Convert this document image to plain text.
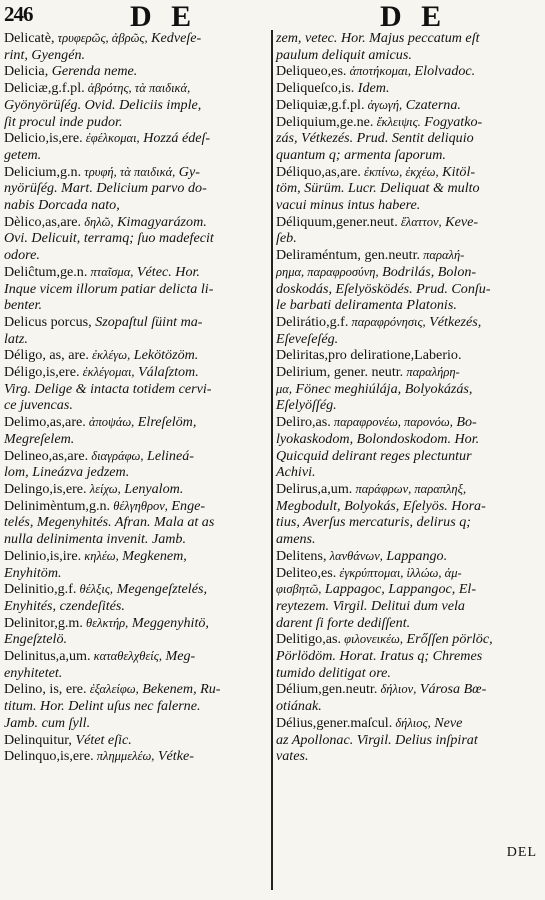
246	D E	D E

Delicatè, τρυφερῶς, ἀβρῶς, Kedveſe-

rint, Gyengén.

Delicia, Gerenda neme.

Deliciæ,g.f.pl. ἀβρότης, τὰ παιδικά,

Gyönyörüſég. Ovid. Deliciis imple,

ſit procul inde pudor.

Delicio,is,ere. ἐφέλκομαι, Hozzá édeſ-

getem.

Delicium,g.n. τρυφή, τὰ παιδικά, Gy-

nyörüſég. Mart. Delicium parvo do-

nabis Dorcada nato,

Dèlico,as,are. δηλῶ, Kimagyarázom.

Ovi. Delicuit, terramq; ſuo madefecit

odore.

Deliĉtum,ge.n. πταῖσμα, Vétec. Hor.

Inque vicem illorum patiar delicta li-

benter.

Delicus porcus, Szopaſtul ſüint ma-

latz.

Déligo, as, are. ἐκλέγω, Lekötözöm.

Déligo,is,ere. ἐκλέγομαι, Válaſztom.

Virg. Delige & intacta totidem cervi-

ce juvencas.

Delimo,as,are. ἀποψάω, Elreſelöm,

Megreſelem.

Delineo,as,are. διαγράφω, Lelineá-

lom, Lineázva jedzem.

Delingo,is,ere. λείχω, Lenyalom.

Delinimèntum,g.n. θέλγηθρον, Enge-

telés, Megenyhités. Afran. Mala at as

nulla delinimenta invenit. Jamb.

Delinio,is,ire. κηλέω, Megkenem,

Enyhitöm.

Delinitio,g.f. θέλξις, Megengeſztelés,

Enyhités, czendeſités.

Delinitor,g.m. θελκτήρ, Meggenyhitö,

Engeſztelö.

Delinitus,a,um. καταθελχθείς, Meg-

enyhitetet.

Delino, is, ere. ἐξαλείφω, Bekenem, Ru-

titum. Hor. Delint uſus nec falerne.

Jamb. cum ſyll.

Delinquitur, Vétet eſic.

Delinquo,is,ere. πλημμελέω, Vétke-

zem, vetec. Hor. Majus peccatum eſt

paulum deliquit amicus.

Deliqueo,es. ἀποτήκομαι, Elolvadoc.

Deliqueſco,is. Idem.

Deliquiæ,g.f.pl. ἀγωγή, Czaterna.

Deliquium,ge.ne. ἔκλειψις. Fogyatko-

zás, Vétkezés. Prud. Sentit deliquio

quantum q; armenta ſaporum.

Déliquo,as,are. ἐκπίνω, ἐκχέω, Kitöl-

töm, Sürüm. Lucr. Deliquat & multo

vacui minus intus habere.

Déliquum,gener.neut. ἔλαττον, Keve-

ſeb.

Deliraméntum, gen.neutr. παραλή-

ρημα, παραφροσύνη, Bodrilás, Bolon-

doskodás, Eſelyösködés. Prud. Conſu-

le barbati deliramenta Platonis.

Delirátio,g.f. παραφρόνησις, Vétkezés,

Eſeveſeſég.

Deliritas,pro deliratione,Laberio.

Delirium, gener. neutr. παραλήρη-

μα, Fönec meghiúlája, Bolyokázás,

Eſelyöſſég.

Deliro,as. παραφρονέω, παρονόω, Bo-

lyokaskodom, Bolondoskodom. Hor.

Quicquid delirant reges plectuntur

Achivi.

Delirus,a,um. παράφρων, παραπληξ,

Megbodult, Bolyokás, Eſelyös. Hora-

tius, Averſus mercaturis, delirus q;

amens.

Delitens, λανθάνων, Lappango.

Deliteo,es. ἐγκρύπτομαι, ἰλλώω, ἀμ-

φισβητῶ, Lappagoc, Lappangoc, El-

reytezem. Virgil. Delitui dum vela

darent ſi forte dediſſent.

Delitigo,as. φιλονεικέω, Erőſſen pörlöc,

Pörlödöm. Horat. Iratus q; Chremes

tumido delitigat ore.

Délium,gen.neutr. δήλιον, Városa Bœ-

otiának.

Délius,gener.maſcul. δήλιος, Neve

az Apollonac. Virgil. Delius inſpirat

vates.

DEL
